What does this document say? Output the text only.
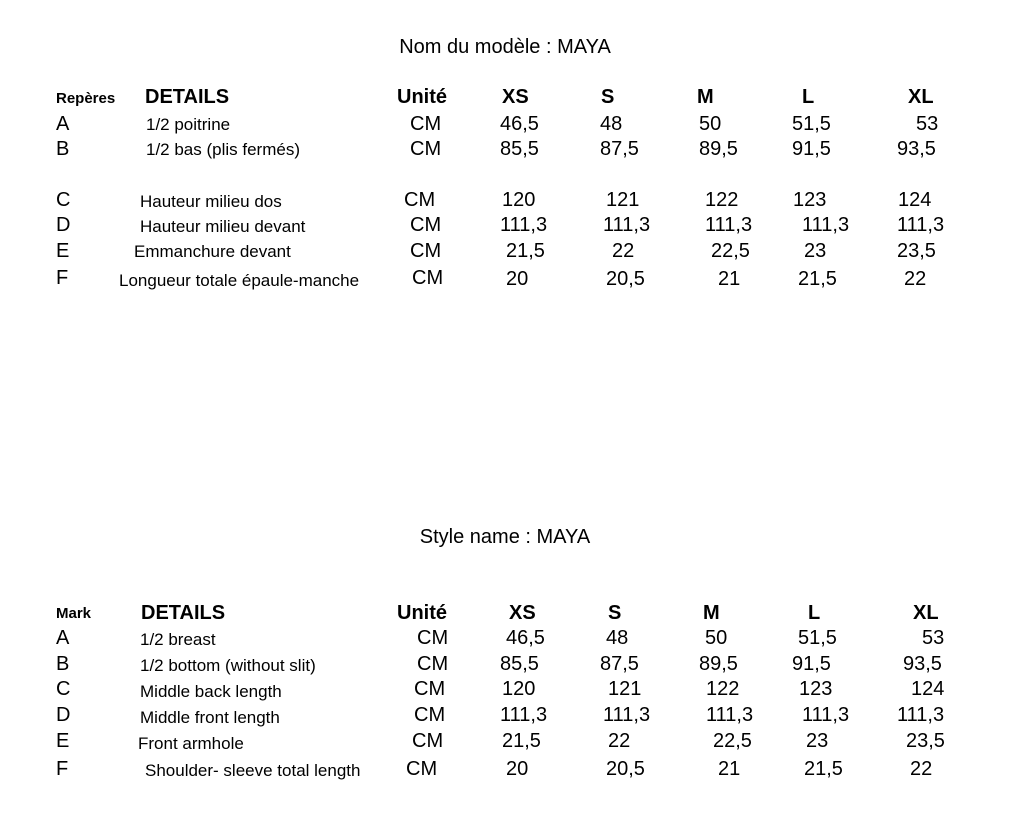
Nom du modèle : MAYA
Repères DETAILS	Unité	XS	S	M	L	XL
A	1/2 poitrine	CM	46,5	48	50	51,5	53
B	1/2 bas (plis fermés)	CM	85,5	87,5	89,5	91,5	93,5
C	Hauteur milieu dos	CM	120	121	122	123	124
D	Hauteur milieu devant	CM	111,3	111,3	111,3 111,3 111,3
E	Emmanchure devant	CM	21,5	22	22,5	23	23,5
F	Longueur totale épaule-manche	CM	20	20,5	21	21,5	22
Style name : MAYA
Mark DETAILS	Unité	XS	S	M	L	XL
A	1/2 breast	CM	46,5	48	50	51,5	53
B	1/2 bottom (without slit)	CM	85,5	87,5	89,5	91,5	93,5
C	Middle back length	CM	120	121	122	123	124
D	Middle front length	CM	111,3	111,3	111,3 111,3 111,3
E	Front armhole	CM	21,5	22	22,5	23	23,5
F	Shoulder- sleeve total length CM	20	20,5	21	21,5	22
